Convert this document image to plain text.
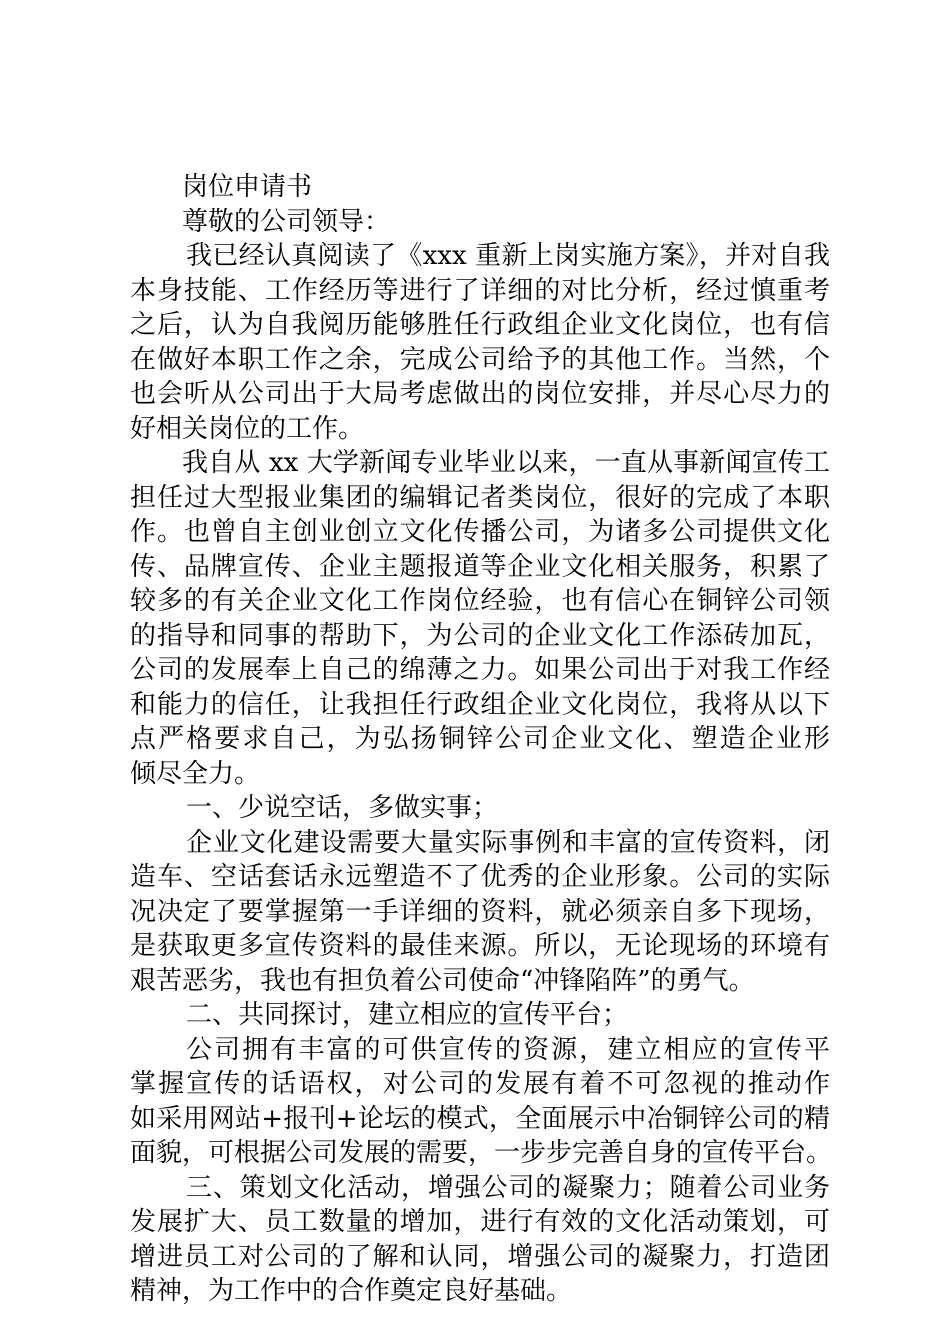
岗位申请书
尊敬的公司领导：
我已经认真阅读了《xxx 重新上岗实施方案》，并对自我
本身技能、工作经历等进行了详细的对比分析，经过慎重考
之后，认为自我阅历能够胜任行政组企业文化岗位，也有信
在做好本职工作之余，完成公司给予的其他工作。当然，个
也会听从公司出于大局考虑做出的岗位安排，并尽心尽力的
好相关岗位的工作。
我自从 xx 大学新闻专业毕业以来，一直从事新闻宣传工
担任过大型报业集团的编辑记者类岗位，很好的完成了本职
作。也曾自主创业创立文化传播公司，为诸多公司提供文化
传、品牌宣传、企业主题报道等企业文化相关服务，积累了
较多的有关企业文化工作岗位经验，也有信心在铜锌公司领
的指导和同事的帮助下，为公司的企业文化工作添砖加瓦，
公司的发展奉上自己的绵薄之力。如果公司出于对我工作经
和能力的信任，让我担任行政组企业文化岗位，我将从以下
点严格要求自己，为弘扬铜锌公司企业文化、塑造企业形
倾尽全力。
一、少说空话，多做实事；
企业文化建设需要大量实际事例和丰富的宣传资料，闭
造车、空话套话永远塑造不了优秀的企业形象。公司的实际
况决定了要掌握第一手详细的资料，就必须亲自多下现场，
是获取更多宣传资料的最佳来源。所以，无论现场的环境有
艰苦恶劣，我也有担负着公司使命“冲锋陷阵”的勇气。
二、共同探讨，建立相应的宣传平台；
公司拥有丰富的可供宣传的资源，建立相应的宣传平
掌握宣传的话语权，对公司的发展有着不可忽视的推动作
如采用网站+报刊+论坛的模式，全面展示中冶铜锌公司的精
面貌，可根据公司发展的需要，一步步完善自身的宣传平台。
三、策划文化活动，增强公司的凝聚力；随着公司业务
发展扩大、员工数量的增加，进行有效的文化活动策划，可
增进员工对公司的了解和认同，增强公司的凝聚力，打造团
精神，为工作中的合作奠定良好基础。
